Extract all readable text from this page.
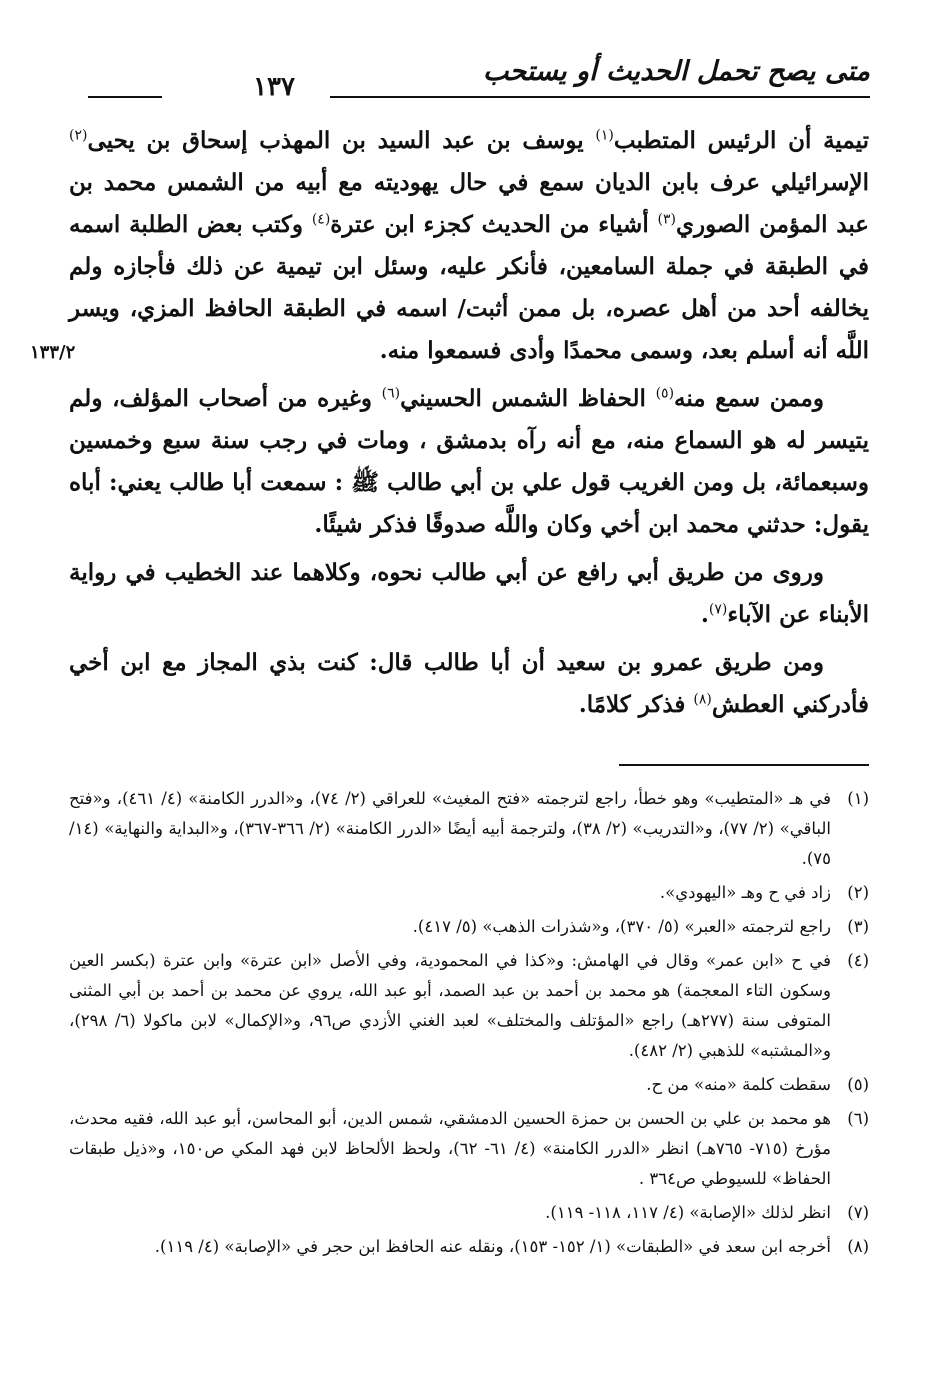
متى يصح تحمل الحديث أو يستحب
١٣٧
١٣٣/٢

تيمية أن الرئيس المتطبب$^{(١)}$ يوسف بن عبد السيد بن المهذب إسحاق بن يحيى$^{(٢)}$ الإسرائيلي عرف بابن الديان سمع في حال يهوديته مع أبيه من الشمس محمد بن عبد المؤمن الصوري$^{(٣)}$ أشياء من الحديث كجزء ابن عترة$^{(٤)}$ وكتب بعض الطلبة اسمه في الطبقة في جملة السامعين، فأنكر عليه، وسئل ابن تيمية عن ذلك فأجازه ولم يخالفه أحد من أهل عصره، بل ممن أثبت/ اسمه في الطبقة الحافظ المزي، ويسر اللَّه أنه أسلم بعد، وسمى محمدًا وأدى فسمعوا منه.

وممن سمع منه$^{(٥)}$ الحفاظ الشمس الحسيني$^{(٦)}$ وغيره من أصحاب المؤلف، ولم يتيسر له هو السماع منه، مع أنه رآه بدمشق ، ومات في رجب سنة سبع وخمسين وسبعمائة، بل ومن الغريب قول علي بن أبي طالب ﷺ : سمعت أبا طالب يعني: أباه يقول: حدثني محمد ابن أخي وكان واللَّه صدوقًا فذكر شيئًا.

وروى من طريق أبي رافع عن أبي طالب نحوه، وكلاهما عند الخطيب في رواية الأبناء عن الآباء$^{(٧)}$.

ومن طريق عمرو بن سعيد أن أبا طالب قال: كنت بذي المجاز مع ابن أخي فأدركني العطش$^{(٨)}$ فذكر كلامًا.

(١)
في هـ «المتطيب» وهو خطأ، راجع لترجمته «فتح المغيث» للعراقي (٢/ ٧٤)، و«الدرر الكامنة» (٤/ ٤٦١)، و«فتح الباقي» (٢/ ٧٧)، و«التدريب» (٢/ ٣٨)، ولترجمة أبيه أيضًا «الدرر الكامنة» (٢/ ٣٦٦-٣٦٧)، و«البداية والنهاية» (١٤/ ٧٥).
(٢)
زاد في ح وهـ «اليهودي».
(٣)
راجع لترجمته «العبر» (٥/ ٣٧٠)، و«شذرات الذهب» (٥/ ٤١٧).
(٤)
في ح «ابن عمر» وقال في الهامش: و«كذا في المحمودية، وفي الأصل «ابن عترة» وابن عترة (بكسر العين وسكون التاء المعجمة) هو محمد بن أحمد بن عبد الصمد، أبو عبد الله، يروي عن محمد بن أحمد بن أبي المثنى المتوفى سنة (٢٧٧هـ) راجع «المؤتلف والمختلف» لعبد الغني الأزدي ص٩٦، و«الإكمال» لابن ماكولا (٦/ ٢٩٨)، و«المشتبه» للذهبي (٢/ ٤٨٢).
(٥)
سقطت كلمة «منه» من ح.
(٦)
هو محمد بن علي بن الحسن بن حمزة الحسين الدمشقي، شمس الدين، أبو المحاسن، أبو عبد الله، فقيه محدث، مؤرخ (٧١٥- ٧٦٥هـ) انظر «الدرر الكامنة» (٤/ ٦١- ٦٢)، ولحظ الألحاظ لابن فهد المكي ص١٥٠، و«ذيل طبقات الحفاظ» للسيوطي ص٣٦٤ .
(٧)
انظر لذلك «الإصابة» (٤/ ١١٧، ١١٨- ١١٩).
(٨)
أخرجه ابن سعد في «الطبقات» (١/ ١٥٢- ١٥٣)، ونقله عنه الحافظ ابن حجر في «الإصابة» (٤/ ١١٩).
